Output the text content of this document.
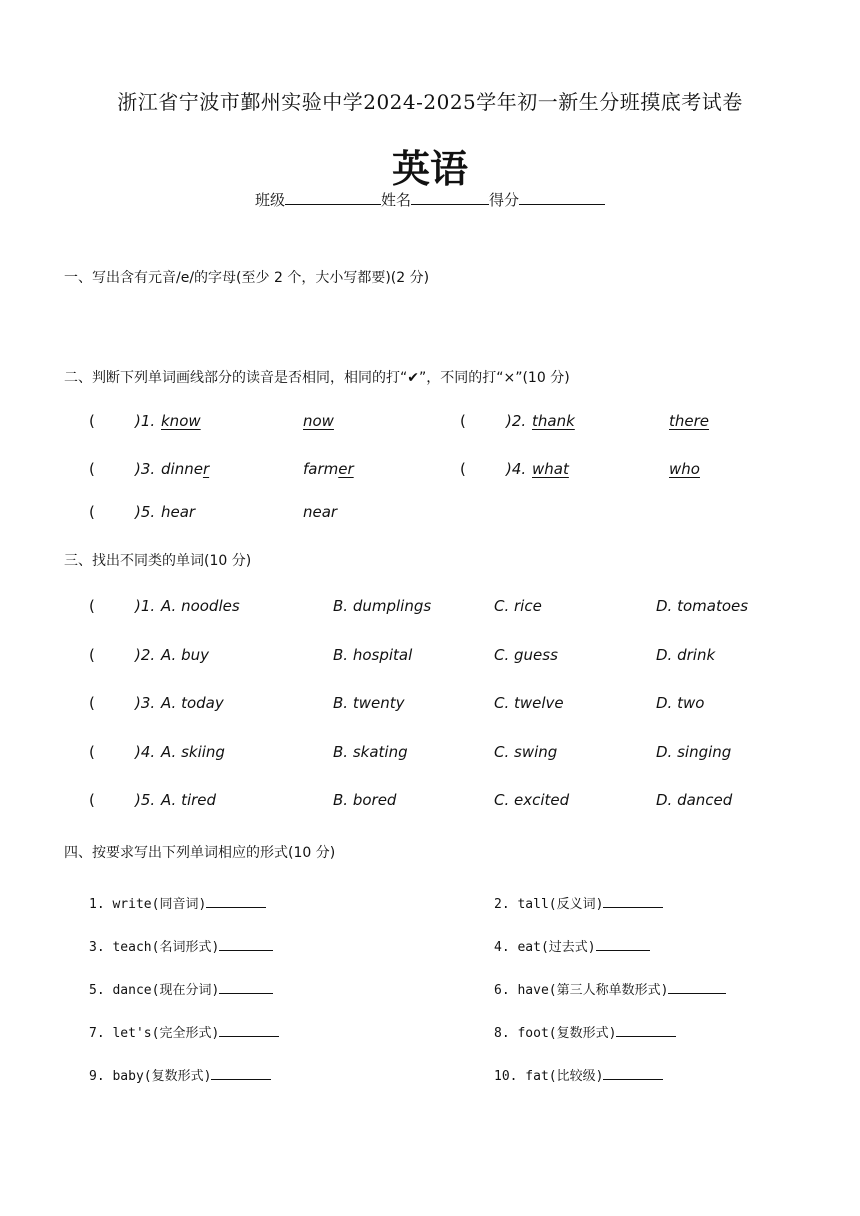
浙江省宁波市鄞州实验中学2024-2025学年初一新生分班摸底考试卷
英语
班级	姓名	得分
一、写出含有元音/e/的字母(至少 2 个，大小写都要)(2 分)
二、判断下列单词画线部分的读音是否相同，相同的打“✔”，不同的打“×”(10 分)
(	)1. know	now	(	)2. thank	there
(	)3. dinner	farmer	(	)4. what	who
(	)5. hear	near
三、找出不同类的单词(10 分)
(	)1. A. noodles	B. dumplings	C. rice	D. tomatoes
(	)2. A. buy	B. hospital	C. guess	D. drink
(	)3. A. today	B. twenty	C. twelve	D. two
(	)4. A. skiing	B. skating	C. swing	D. singing
(	)5. A. tired	B. bored	C. excited	D. danced
四、按要求写出下列单词相应的形式(10 分)
1. write(同音词)	2. tall(反义词)
3. teach(名词形式)	4. eat(过去式)
5. dance(现在分词)	6. have(第三人称单数形式)
7. let's(完全形式)	8. foot(复数形式)
9. baby(复数形式)	10. fat(比较级)
